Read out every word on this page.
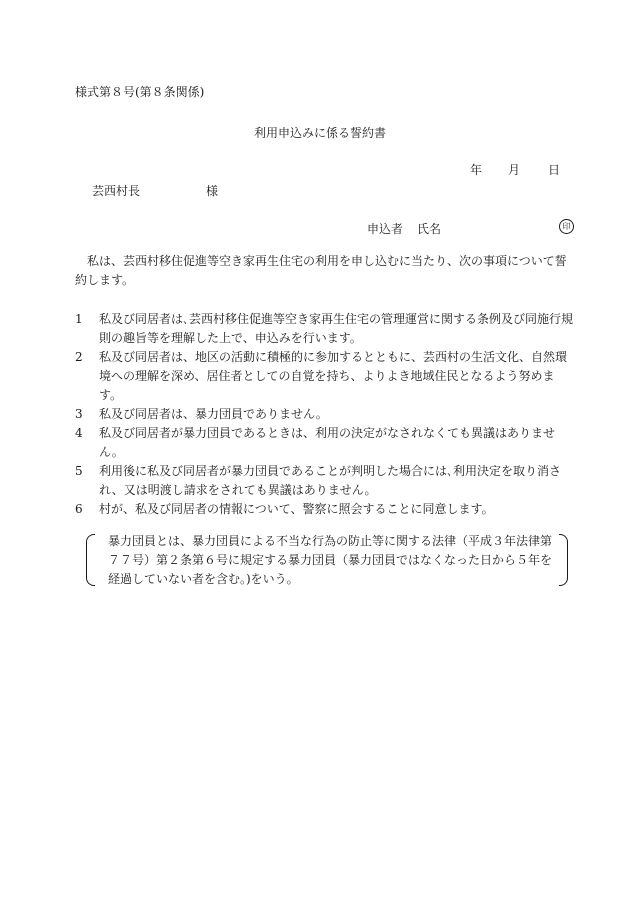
様式第８号(第８条関係)
利用申込みに係る誓約書
年 月 日
芸西村長	様
申込者 氏名	印
私は、芸西村移住促進等空き家再生住宅の利用を申し込むに当たり、次の事項について誓約します。
1	私及び同居者は､芸西村移住促進等空き家再生住宅の管理運営に関する条例及び同施行規則の趣旨等を理解した上で、申込みを行います。
2	私及び同居者は、地区の活動に積極的に参加するとともに、芸西村の生活文化、自然環境への理解を深め、居住者としての自覚を持ち、よりよき地域住民となるよう努めます。
3	私及び同居者は、暴力団員でありません。
4	私及び同居者が暴力団員であるときは、利用の決定がなされなくても異議はありません。
5	利用後に私及び同居者が暴力団員であることが判明した場合には､利用決定を取り消され、又は明渡し請求をされても異議はありません。
6	村が、私及び同居者の情報について、警察に照会することに同意します。
暴力団員とは、暴力団員による不当な行為の防止等に関する法律（平成３年法律第７７号）第２条第６号に規定する暴力団員（暴力団員ではなくなった日から５年を経過していない者を含む。)をいう。
